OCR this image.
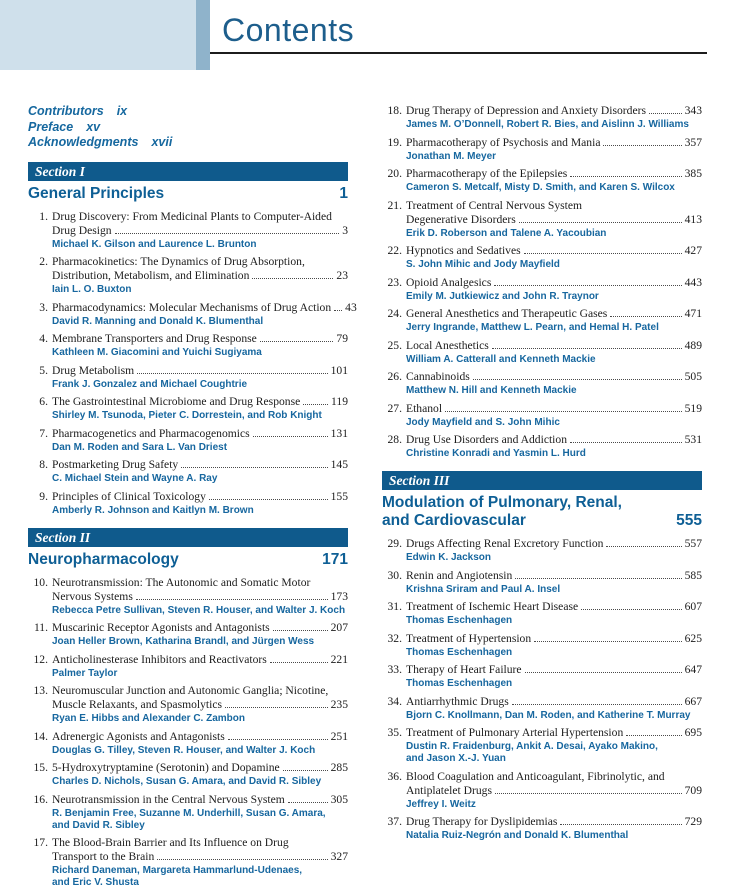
Contents
Contributors ix
Preface xv
Acknowledgments xvii
Section I
General Principles	1
1. Drug Discovery: From Medicinal Plants to Computer-Aided
Drug Design	3
Michael K. Gilson and Laurence L. Brunton
2. Pharmacokinetics: The Dynamics of Drug Absorption,
Distribution, Metabolism, and Elimination	23
Iain L. O. Buxton
3. Pharmacodynamics: Molecular Mechanisms of Drug Action 43
David R. Manning and Donald K. Blumenthal
4. Membrane Transporters and Drug Response	79
Kathleen M. Giacomini and Yuichi Sugiyama
5. Drug Metabolism	101
Frank J. Gonzalez and Michael Coughtrie
6. The Gastrointestinal Microbiome and Drug Response	119
Shirley M. Tsunoda, Pieter C. Dorrestein, and Rob Knight
7. Pharmacogenetics and Pharmacogenomics	131
Dan M. Roden and Sara L. Van Driest
8. Postmarketing Drug Safety	145
C. Michael Stein and Wayne A. Ray
9. Principles of Clinical Toxicology	155
Amberly R. Johnson and Kaitlyn M. Brown
Section II
Neuropharmacology	171
10. Neurotransmission: The Autonomic and Somatic Motor
Nervous Systems	173
Rebecca Petre Sullivan, Steven R. Houser, and Walter J. Koch
11. Muscarinic Receptor Agonists and Antagonists	207
Joan Heller Brown, Katharina Brandl, and Jürgen Wess
12. Anticholinesterase Inhibitors and Reactivators	221
Palmer Taylor
13. Neuromuscular Junction and Autonomic Ganglia; Nicotine,
Muscle Relaxants, and Spasmolytics	235
Ryan E. Hibbs and Alexander C. Zambon
14. Adrenergic Agonists and Antagonists	251
Douglas G. Tilley, Steven R. Houser, and Walter J. Koch
15. 5-Hydroxytryptamine (Serotonin) and Dopamine	285
Charles D. Nichols, Susan G. Amara, and David R. Sibley
16. Neurotransmission in the Central Nervous System	305
R. Benjamin Free, Suzanne M. Underhill, Susan G. Amara,
and David R. Sibley
17. The Blood-Brain Barrier and Its Influence on Drug
Transport to the Brain	327
Richard Daneman, Margareta Hammarlund-Udenaes,
and Eric V. Shusta
18. Drug Therapy of Depression and Anxiety Disorders	343
James M. O’Donnell, Robert R. Bies, and Aislinn J. Williams
19. Pharmacotherapy of Psychosis and Mania	357
Jonathan M. Meyer
20. Pharmacotherapy of the Epilepsies	385
Cameron S. Metcalf, Misty D. Smith, and Karen S. Wilcox
21. Treatment of Central Nervous System
Degenerative Disorders	413
Erik D. Roberson and Talene A. Yacoubian
22. Hypnotics and Sedatives	427
S. John Mihic and Jody Mayfield
23. Opioid Analgesics	443
Emily M. Jutkiewicz and John R. Traynor
24. General Anesthetics and Therapeutic Gases	471
Jerry Ingrande, Matthew L. Pearn, and Hemal H. Patel
25. Local Anesthetics	489
William A. Catterall and Kenneth Mackie
26. Cannabinoids	505
Matthew N. Hill and Kenneth Mackie
27. Ethanol	519
Jody Mayfield and S. John Mihic
28. Drug Use Disorders and Addiction	531
Christine Konradi and Yasmin L. Hurd
Section III
Modulation of Pulmonary, Renal,
and Cardiovascular	555
29. Drugs Affecting Renal Excretory Function	557
Edwin K. Jackson
30. Renin and Angiotensin	585
Krishna Sriram and Paul A. Insel
31. Treatment of Ischemic Heart Disease	607
Thomas Eschenhagen
32. Treatment of Hypertension	625
Thomas Eschenhagen
33. Therapy of Heart Failure	647
Thomas Eschenhagen
34. Antiarrhythmic Drugs	667
Bjorn C. Knollmann, Dan M. Roden, and Katherine T. Murray
35. Treatment of Pulmonary Arterial Hypertension	695
Dustin R. Fraidenburg, Ankit A. Desai, Ayako Makino,
and Jason X.-J. Yuan
36. Blood Coagulation and Anticoagulant, Fibrinolytic, and
Antiplatelet Drugs	709
Jeffrey I. Weitz
37. Drug Therapy for Dyslipidemias	729
Natalia Ruiz-Negrón and Donald K. Blumenthal
